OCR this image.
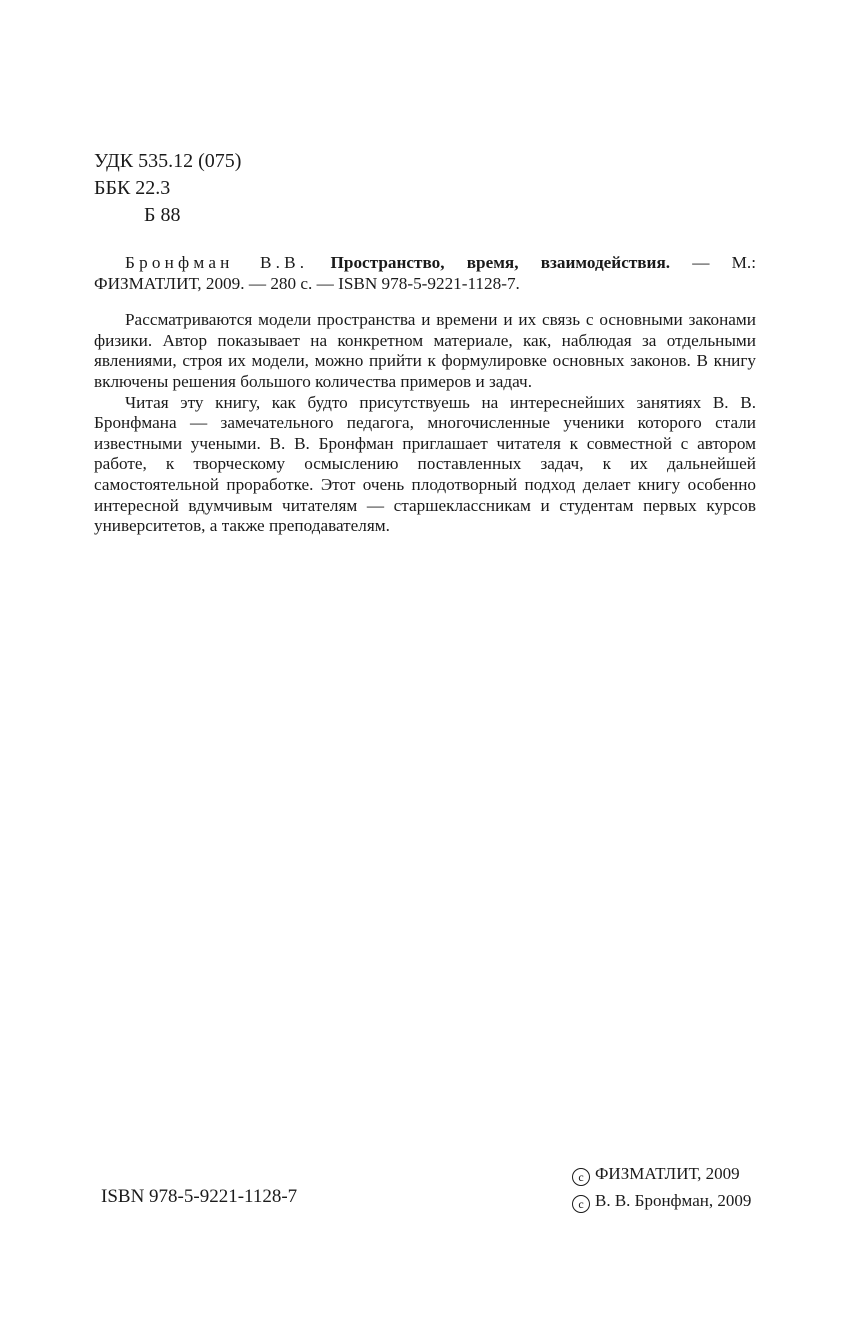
УДК 535.12 (075)
ББК 22.3
Б 88

Бронфман В.В. Пространство, время, взаимодействия. — М.: ФИЗМАТЛИТ, 2009. — 280 с. — ISBN 978-5-9221-1128-7.

Рассматриваются модели пространства и времени и их связь с основными законами физики. Автор показывает на конкретном материале, как, наблюдая за отдельными явлениями, строя их модели, можно прийти к формулировке основных законов. В книгу включены решения большого количества примеров и задач.

Читая эту книгу, как будто присутствуешь на интереснейших занятиях В. В. Бронфмана — замечательного педагога, многочисленные ученики которого стали известными учеными. В. В. Бронфман приглашает читателя к совместной с автором работе, к творческому осмыслению поставленных задач, к их дальнейшей самостоятельной проработке. Этот очень плодотворный подход делает книгу особенно интересной вдумчивым читателям — старшеклассникам и студентам первых курсов университетов, а также преподавателям.

ISBN 978-5-9221-1128-7
c ФИЗМАТЛИТ, 2009
c В. В. Бронфман, 2009
